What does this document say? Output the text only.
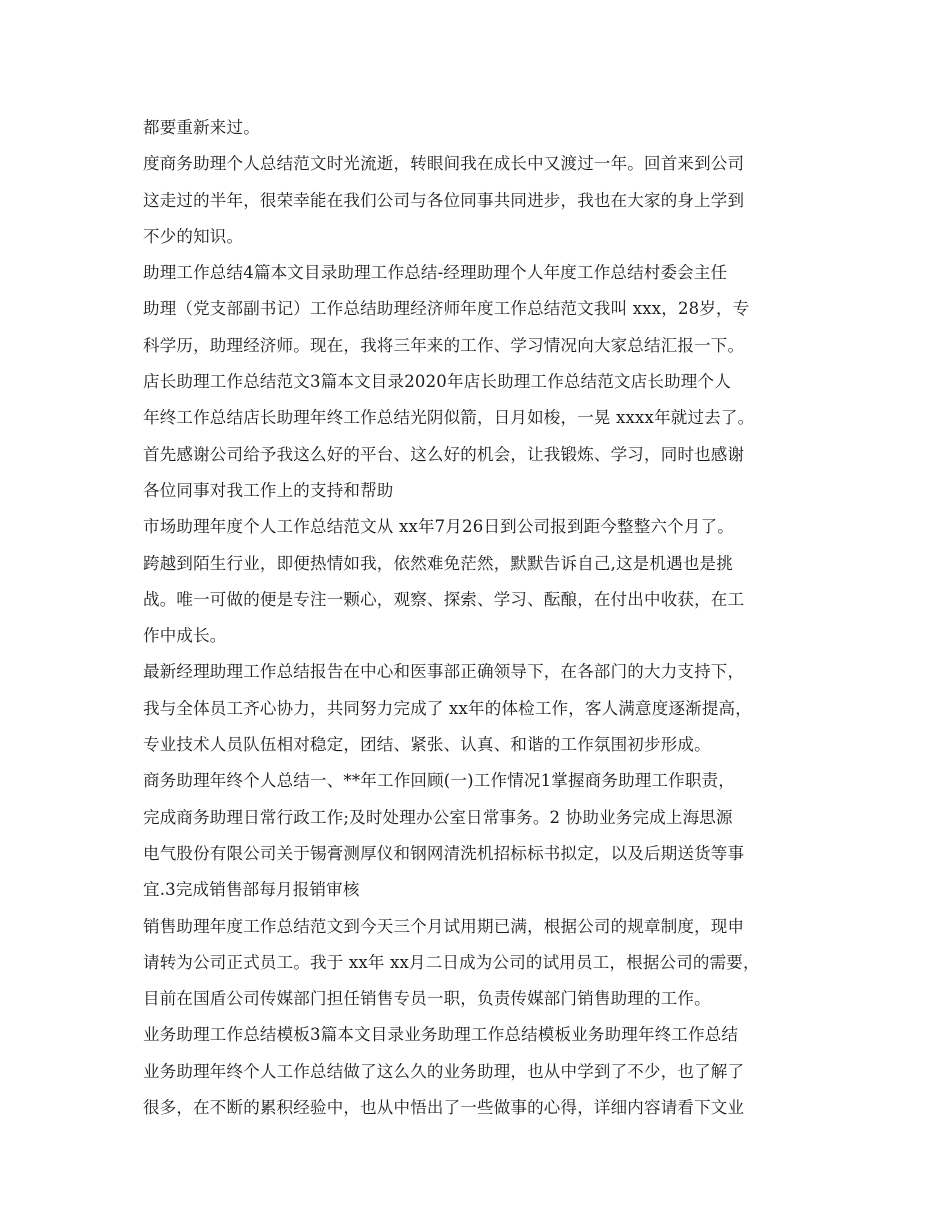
都要重新来过。
度商务助理个人总结范文时光流逝，转眼间我在成长中又渡过一年。回首来到公司
这走过的半年，很荣幸能在我们公司与各位同事共同进步，我也在大家的身上学到
不少的知识。
助理工作总结4篇本文目录助理工作总结-经理助理个人年度工作总结村委会主任
助理（党支部副书记）工作总结助理经济师年度工作总结范文我叫 xxx，28岁，专
科学历，助理经济师。现在，我将三年来的工作、学习情况向大家总结汇报一下。
店长助理工作总结范文3篇本文目录2020年店长助理工作总结范文店长助理个人
年终工作总结店长助理年终工作总结光阴似箭，日月如梭，一晃 xxxx年就过去了。
首先感谢公司给予我这么好的平台、这么好的机会，让我锻炼、学习，同时也感谢
各位同事对我工作上的支持和帮助
市场助理年度个人工作总结范文从 xx年7月26日到公司报到距今整整六个月了。
跨越到陌生行业，即便热情如我，依然难免茫然，默默告诉自己,这是机遇也是挑
战。唯一可做的便是专注一颗心，观察、探索、学习、酝酿，在付出中收获，在工
作中成长。
最新经理助理工作总结报告在中心和医事部正确领导下，在各部门的大力支持下，
我与全体员工齐心协力，共同努力完成了 xx年的体检工作，客人满意度逐渐提高，
专业技术人员队伍相对稳定，团结、紧张、认真、和谐的工作氛围初步形成。
商务助理年终个人总结一、**年工作回顾(一)工作情况1掌握商务助理工作职责，
完成商务助理日常行政工作;及时处理办公室日常事务。2 协助业务完成上海思源
电气股份有限公司关于锡膏测厚仪和钢网清洗机招标标书拟定，以及后期送货等事
宜.3完成销售部每月报销审核
销售助理年度工作总结范文到今天三个月试用期已满，根据公司的规章制度，现申
请转为公司正式员工。我于 xx年 xx月二日成为公司的试用员工，根据公司的需要，
目前在国盾公司传媒部门担任销售专员一职，负责传媒部门销售助理的工作。
业务助理工作总结模板3篇本文目录业务助理工作总结模板业务助理年终工作总结
业务助理年终个人工作总结做了这么久的业务助理，也从中学到了不少，也了解了
很多，在不断的累积经验中，也从中悟出了一些做事的心得，详细内容请看下文业
